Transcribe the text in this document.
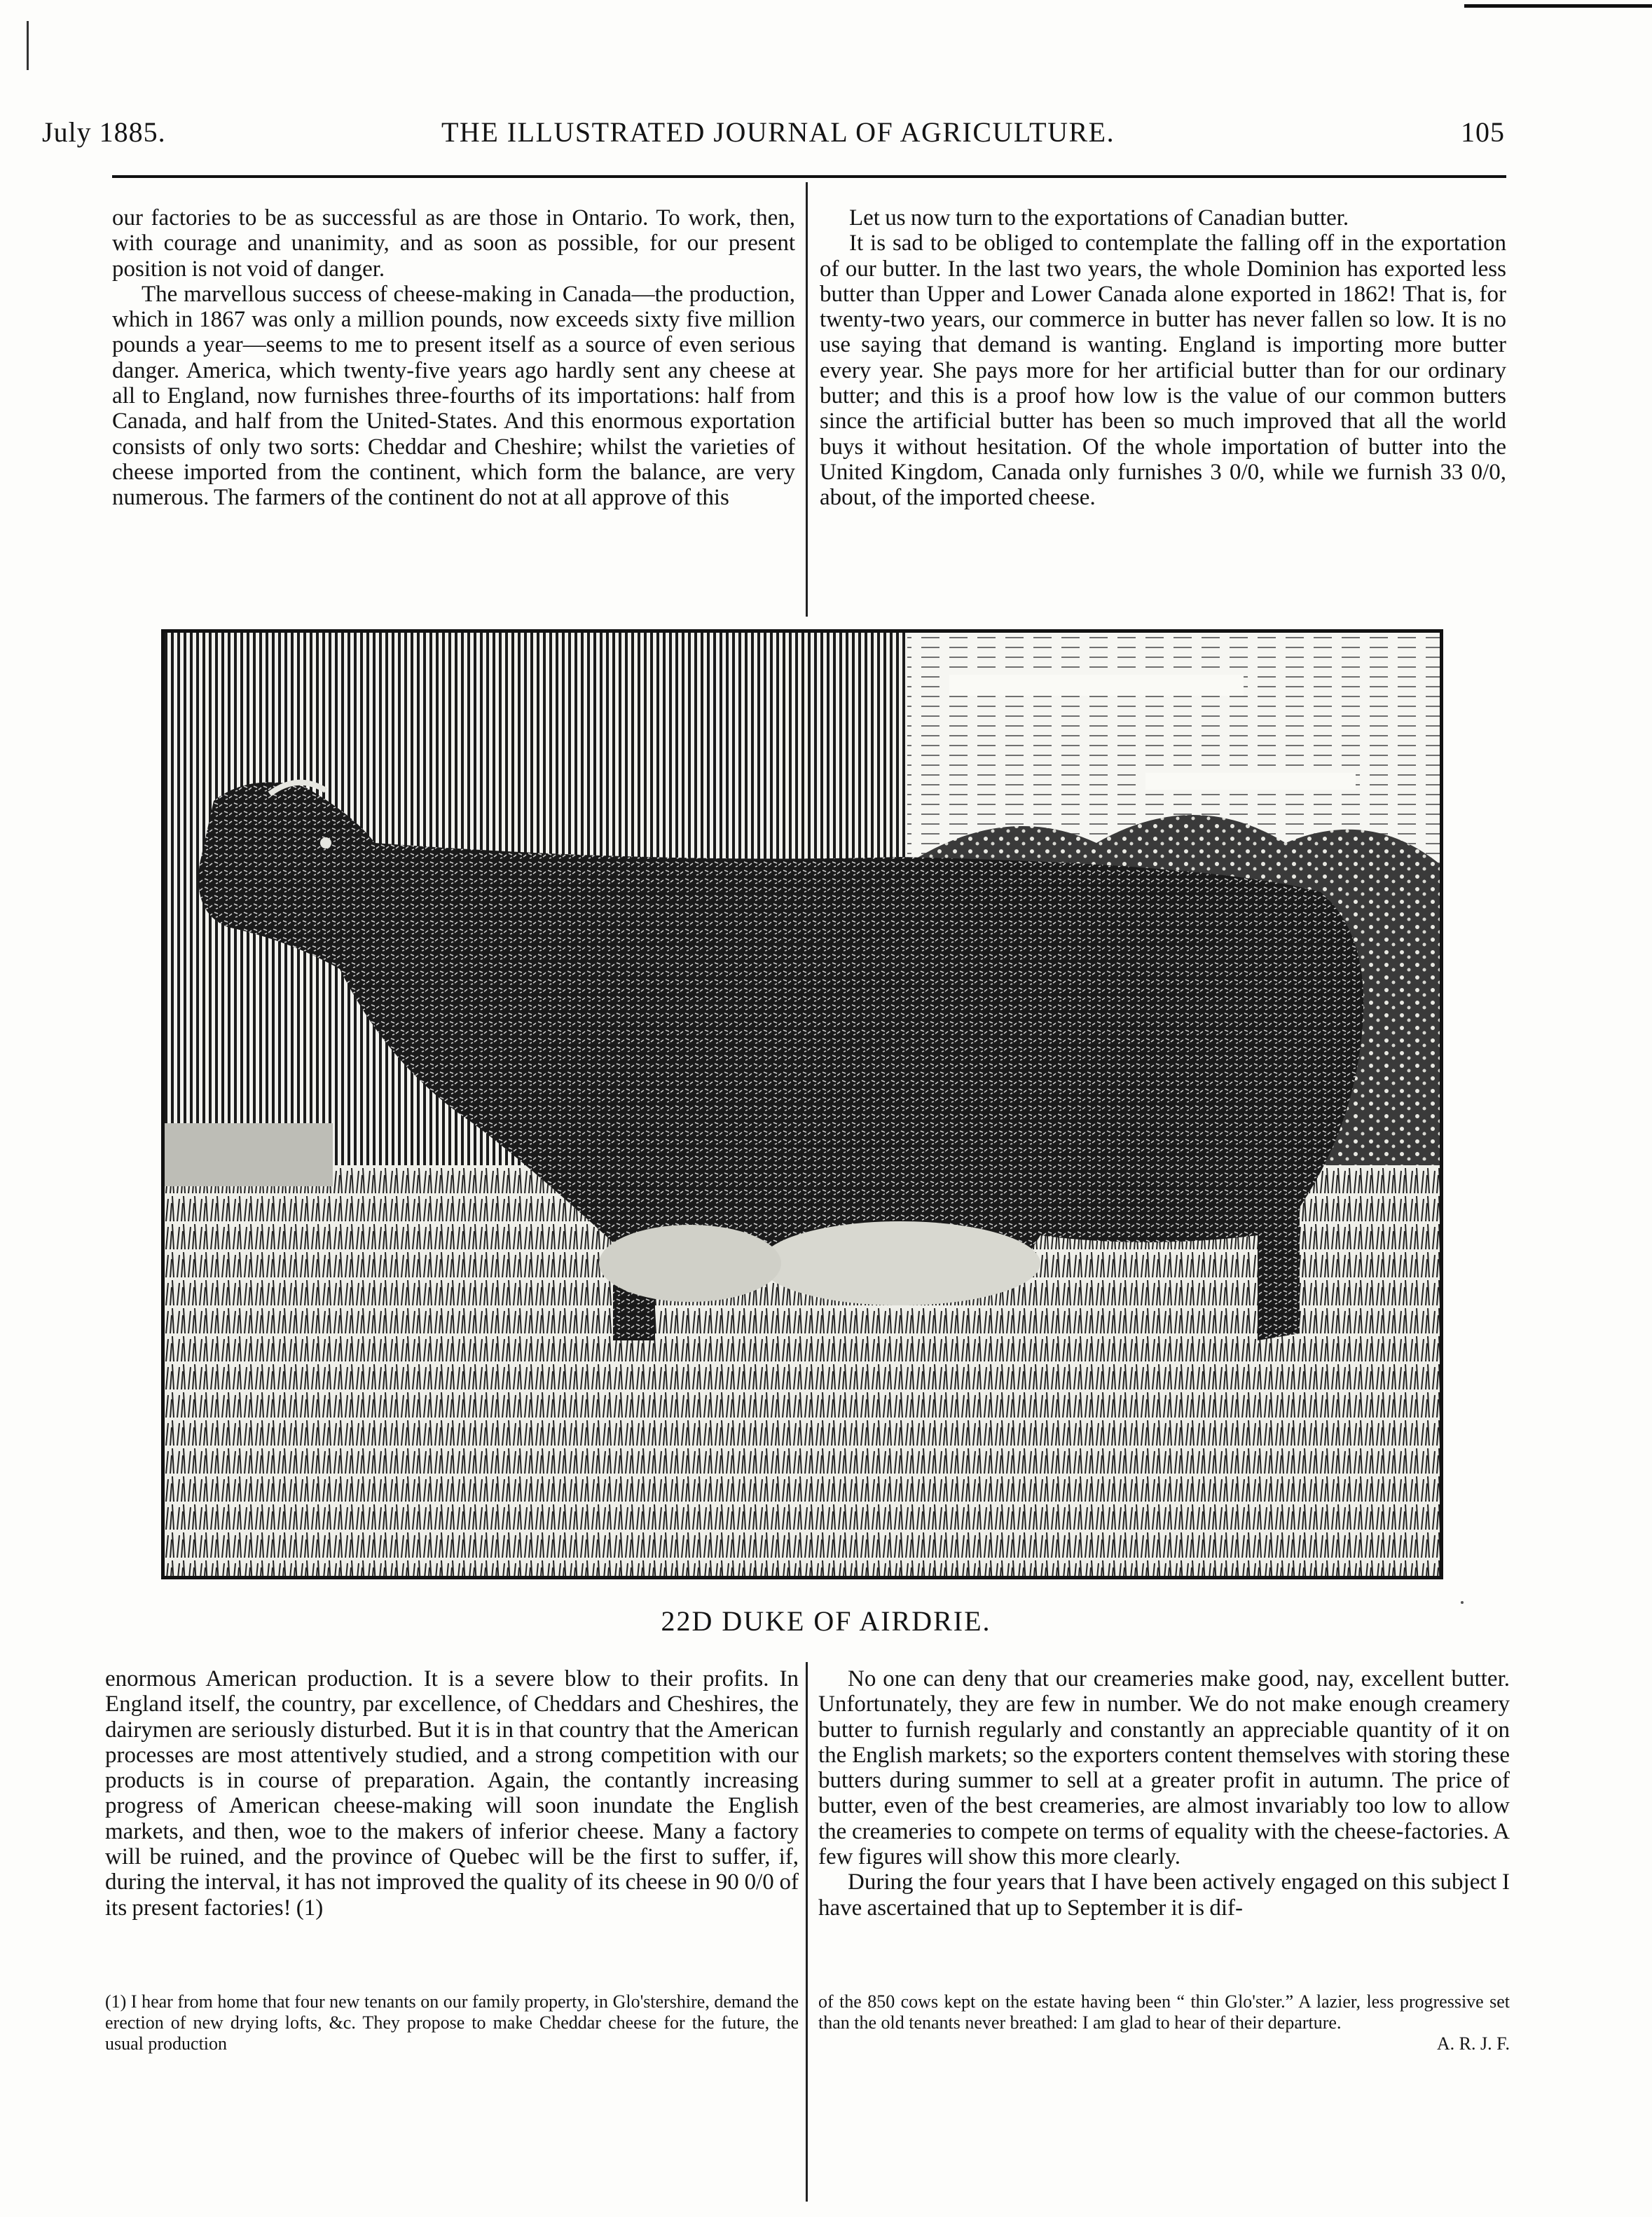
July 1885.	THE ILLUSTRATED JOURNAL OF AGRICULTURE.	105

our factories to be as successful as are those in Ontario. To work, then, with courage and unanimity, and as soon as possible, for our present position is not void of danger.

The marvellous success of cheese-making in Canada—the production, which in 1867 was only a million pounds, now exceeds sixty five million pounds a year—seems to me to present itself as a source of even serious danger. America, which twenty-five years ago hardly sent any cheese at all to England, now furnishes three-fourths of its importations: half from Canada, and half from the United-States. And this enormous exportation consists of only two sorts: Cheddar and Cheshire; whilst the varieties of cheese imported from the continent, which form the balance, are very numerous. The farmers of the continent do not at all approve of this

Let us now turn to the exportations of Canadian butter.

It is sad to be obliged to contemplate the falling off in the exportation of our butter. In the last two years, the whole Dominion has exported less butter than Upper and Lower Canada alone exported in 1862! That is, for twenty-two years, our commerce in butter has never fallen so low. It is no use saying that demand is wanting. England is importing more butter every year. She pays more for her artificial butter than for our ordinary butter; and this is a proof how low is the value of our common butters since the artificial butter has been so much improved that all the world buys it without hesitation. Of the whole importation of butter into the United Kingdom, Canada only furnishes 3 0/0, while we furnish 33 0/0, about, of the imported cheese.

22D DUKE OF AIRDRIE.

enormous American production. It is a severe blow to their profits. In England itself, the country, par excellence, of Cheddars and Cheshires, the dairymen are seriously disturbed. But it is in that country that the American processes are most attentively studied, and a strong competition with our products is in course of preparation. Again, the contantly increasing progress of American cheese-making will soon inundate the English markets, and then, woe to the makers of inferior cheese. Many a factory will be ruined, and the province of Quebec will be the first to suffer, if, during the interval, it has not improved the quality of its cheese in 90 0/0 of its present factories! (1)

No one can deny that our creameries make good, nay, excellent butter. Unfortunately, they are few in number. We do not make enough creamery butter to furnish regularly and constantly an appreciable quantity of it on the English markets; so the exporters content themselves with storing these butters during summer to sell at a greater profit in autumn. The price of butter, even of the best creameries, are almost invariably too low to allow the creameries to compete on terms of equality with the cheese-factories. A few figures will show this more clearly.

During the four years that I have been actively engaged on this subject I have ascertained that up to September it is dif-

(1) I hear from home that four new tenants on our family property, in Glo'stershire, demand the erection of new drying lofts, &c. They propose to make Cheddar cheese for the future, the usual production

of the 850 cows kept on the estate having been “ thin Glo'ster.” A lazier, less progressive set than the old tenants never breathed: I am glad to hear of their departure.

A. R. J. F.
